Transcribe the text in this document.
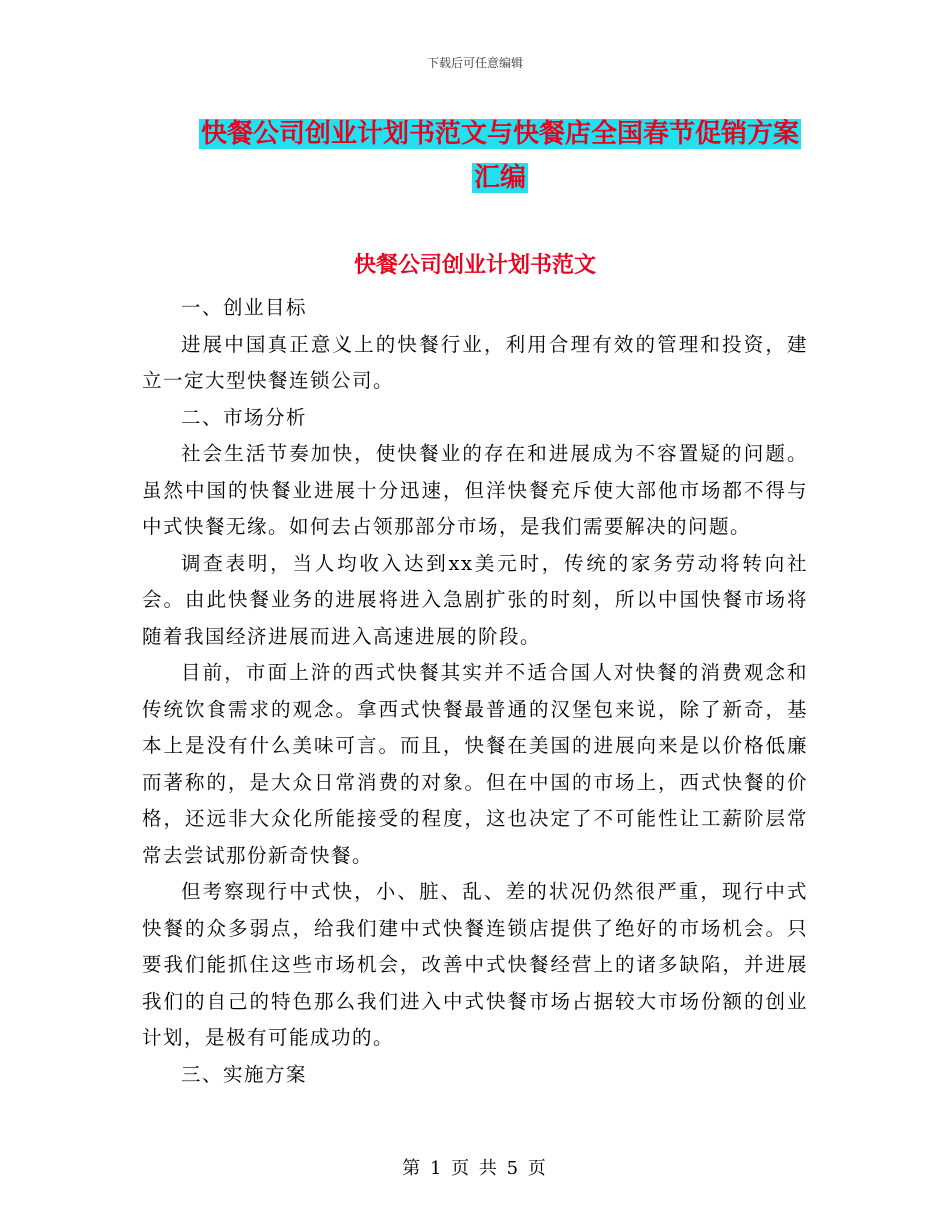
下载后可任意编辑
快餐公司创业计划书范文与快餐店全国春节促销方案
汇编
快餐公司创业计划书范文

一、创业目标

进展中国真正意义上的快餐行业，利用合理有效的管理和投资，建立一定大型快餐连锁公司。

二、市场分析

社会生活节奏加快，使快餐业的存在和进展成为不容置疑的问题。虽然中国的快餐业进展十分迅速，但洋快餐充斥使大部他市场都不得与中式快餐无缘。如何去占领那部分市场，是我们需要解决的问题。

调查表明，当人均收入达到xx美元时，传统的家务劳动将转向社会。由此快餐业务的进展将进入急剧扩张的时刻，所以中国快餐市场将随着我国经济进展而进入高速进展的阶段。

目前，市面上浒的西式快餐其实并不适合国人对快餐的消费观念和传统饮食需求的观念。拿西式快餐最普通的汉堡包来说，除了新奇，基本上是没有什么美味可言。而且，快餐在美国的进展向来是以价格低廉而著称的，是大众日常消费的对象。但在中国的市场上，西式快餐的价格，还远非大众化所能接受的程度，这也决定了不可能性让工薪阶层常常去尝试那份新奇快餐。

但考察现行中式快，小、脏、乱、差的状况仍然很严重，现行中式快餐的众多弱点，给我们建中式快餐连锁店提供了绝好的市场机会。只要我们能抓住这些市场机会，改善中式快餐经营上的诸多缺陷，并进展我们的自己的特色那么我们进入中式快餐市场占据较大市场份额的创业计划，是极有可能成功的。

三、实施方案

第 1 页 共 5 页
